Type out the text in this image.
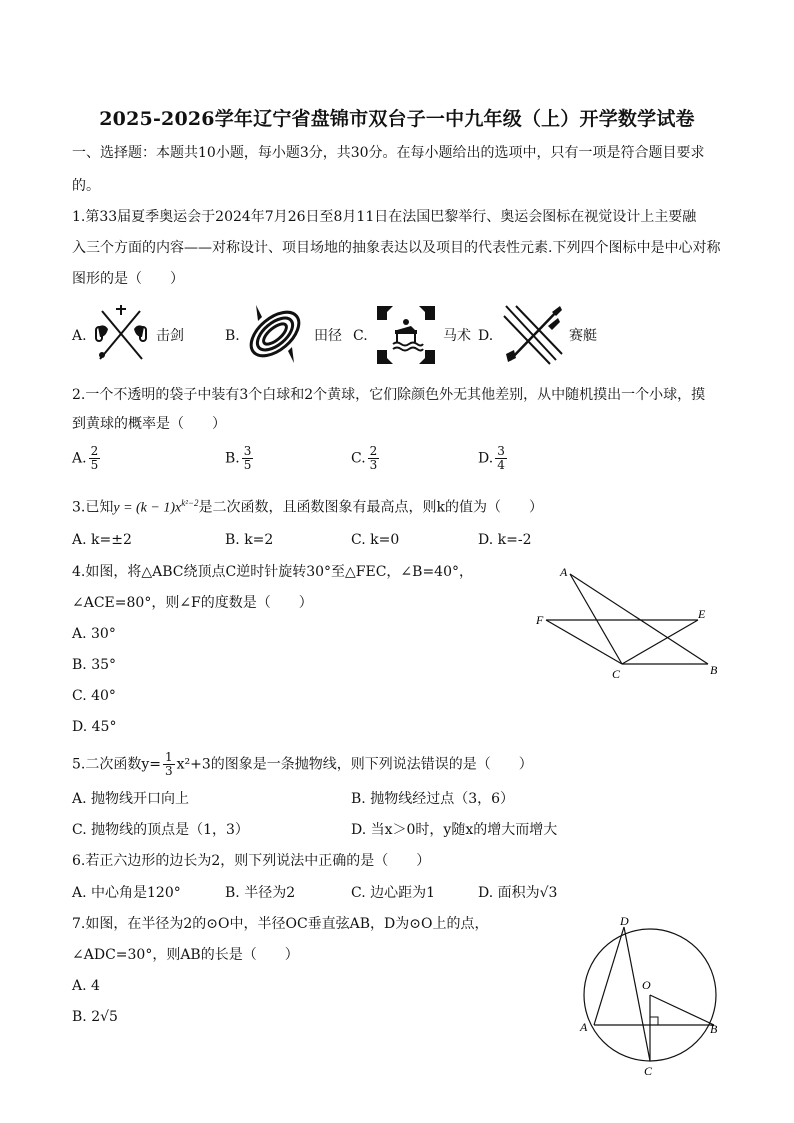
2025-2026学年辽宁省盘锦市双台子一中九年级（上）开学数学试卷
一、选择题：本题共10小题，每小题3分，共30分。在每小题给出的选项中，只有一项是符合题目要求
的。
1.第33届夏季奥运会于2024年7月26日至8月11日在法国巴黎举行、奥运会图标在视觉设计上主要融
入三个方面的内容——对称设计、项目场地的抽象表达以及项目的代表性元素.下列四个图标中是中心对称
图形的是（　　）
A.	击剑	B.	田径 C.	马术 D.	赛艇
2.一个不透明的袋子中装有3个白球和2个黄球，它们除颜色外无其他差别，从中随机摸出一个小球，摸
到黄球的概率是（　　）
A. $\frac{2}{5}$	B. $\frac{3}{5}$	C. $\frac{2}{3}$	D. $\frac{3}{4}$
3.已知$y = (k - 1)x^{k^2-2}$是二次函数，且函数图象有最高点，则k的值为（　　）
A. k=±2	B. k=2	C. k=0	D. k=-2
4.如图，将△ABC绕顶点C逆时针旋转30°至△FEC，∠B=40°，
∠ACE=80°，则∠F的度数是（　　）
A. 30°
B. 35°
C. 40°
D. 45°
A
F	E
C	B
5.二次函数$y= \frac{1}{3} x^2+3$的图象是一条抛物线，则下列说法错误的是（　　）
A. 抛物线开口向上	B. 抛物线经过点（3，6）
C. 抛物线的顶点是（1，3）	D. 当x＞0时，y随x的增大而增大
6.若正六边形的边长为2，则下列说法中正确的是（　　）
A. 中心角是120°	B. 半径为2	C. 边心距为1	D. 面积为√3
7.如图，在半径为2的⊙O中，半径OC垂直弦AB，D为⊙O上的点，
∠ADC=30°，则AB的长是（　　）
A. 4
B. 2√5
D
O
A	B
C
